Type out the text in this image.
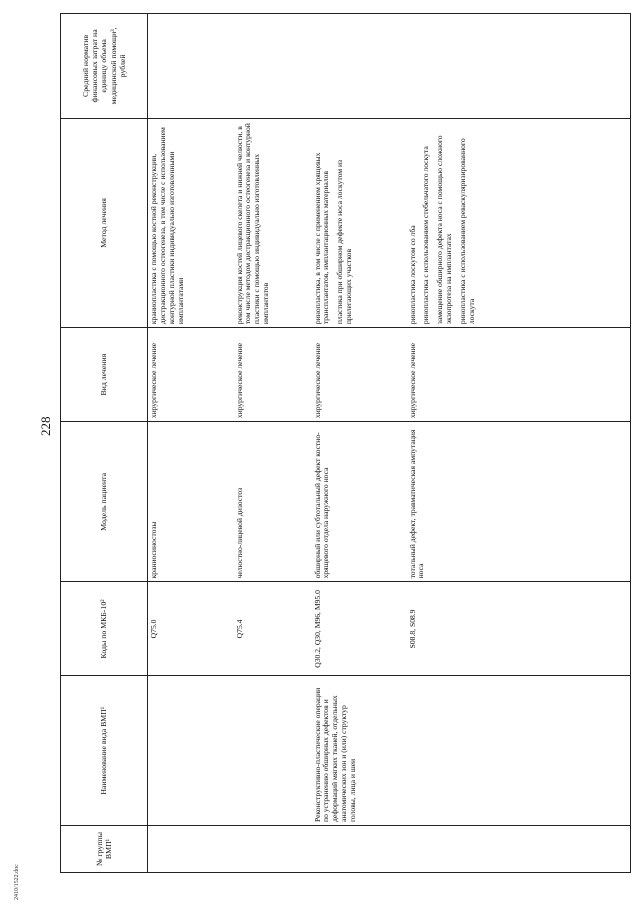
228
№ группы ВМП¹	Наименование вида ВМП¹	Коды по МКБ-10²	Модель пациента	Вид лечения	Метод лечения	Средний норматив финансовых затрат на единицу объема медицинской помощи³, рублей
		Q75.0	краниосиностозы	хирургическое лечение	краниопластика с помощью костной реконструкции, дистракционного остеогенеза, в том числе с использованием контурной пластики индивидуально изготовленными имплантатами	

		Q75.4	челюстно-лицевой дизостоз	хирургическое лечение	реконструкция костей лицевого скелета и нижней челюсти, в том числе методом дистракционного остеогенеза и контурной пластики с помощью индивидуально изготовленных имплантатов	

	Реконструктивно-пластические операции по устранению обширных дефектов и деформаций мягких тканей, отдельных анатомических зон и (или) структур головы, лица и шеи	Q30.2, Q30, M96, M95.0	обширный или субтотальный дефект костно-хрящевого отдела наружного носа	хирургическое лечение	ринопластика, в том числе с применением хрящевых трансплантатов, имплантационных материалов пластика при обширном дефекте носа лоскутом из прилегающих участков	

		S08.8, S08.9	тотальный дефект, травматическая ампутация носа	хирургическое лечение	ринопластика лоскутом со лба ринопластика с использованием стебельчатого лоскута замещение обширного дефекта носа с помощью сложного экзопротеза на имплантатах ринопластика с использованием реваскуляризированного лоскута	

2410/1522.doc
